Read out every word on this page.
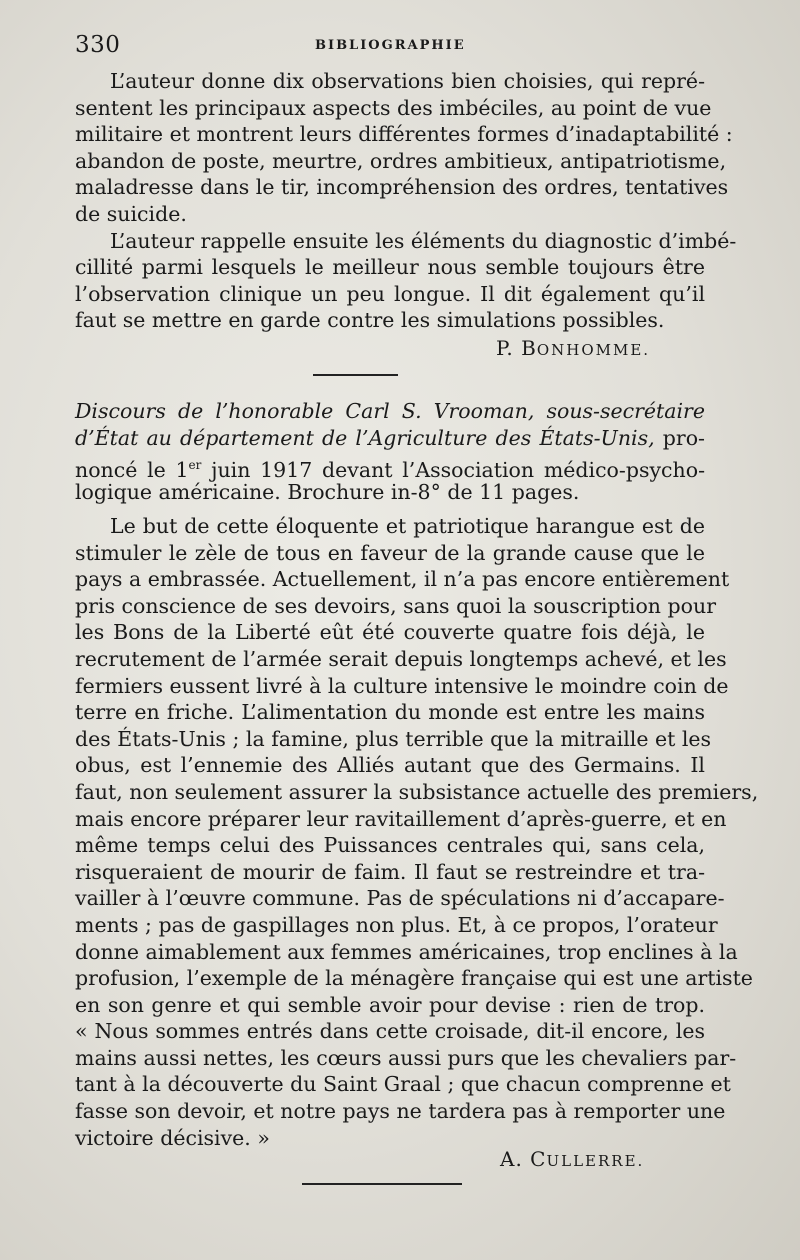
330	BIBLIOGRAPHIE
L’auteur donne dix observations bien choisies, qui repré-
sentent les principaux aspects des imbéciles, au point de vue
militaire et montrent leurs différentes formes d’inadaptabilité :
abandon de poste, meurtre, ordres ambitieux, antipatriotisme,
maladresse dans le tir, incompréhension des ordres, tentatives
de suicide.
L’auteur rappelle ensuite les éléments du diagnostic d’imbé-
cillité parmi lesquels le meilleur nous semble toujours être
l’observation clinique un peu longue. Il dit également qu’il
faut se mettre en garde contre les simulations possibles.
P. BONHOMME.
Discours de l’honorable Carl S. Vrooman, sous-secrétaire
d’État au département de l’Agriculture des États-Unis, pro-
noncé le 1er juin 1917 devant l’Association médico-psycho-
logique américaine. Brochure in-8° de 11 pages.
Le but de cette éloquente et patriotique harangue est de
stimuler le zèle de tous en faveur de la grande cause que le
pays a embrassée. Actuellement, il n’a pas encore entièrement
pris conscience de ses devoirs, sans quoi la souscription pour
les Bons de la Liberté eût été couverte quatre fois déjà, le
recrutement de l’armée serait depuis longtemps achevé, et les
fermiers eussent livré à la culture intensive le moindre coin de
terre en friche. L’alimentation du monde est entre les mains
des États-Unis ; la famine, plus terrible que la mitraille et les
obus, est l’ennemie des Alliés autant que des Germains. Il
faut, non seulement assurer la subsistance actuelle des premiers,
mais encore préparer leur ravitaillement d’après-guerre, et en
même temps celui des Puissances centrales qui, sans cela,
risqueraient de mourir de faim. Il faut se restreindre et tra-
vailler à l’œuvre commune. Pas de spéculations ni d’accapare-
ments ; pas de gaspillages non plus. Et, à ce propos, l’orateur
donne aimablement aux femmes américaines, trop enclines à la
profusion, l’exemple de la ménagère française qui est une artiste
en son genre et qui semble avoir pour devise : rien de trop.
« Nous sommes entrés dans cette croisade, dit-il encore, les
mains aussi nettes, les cœurs aussi purs que les chevaliers par-
tant à la découverte du Saint Graal ; que chacun comprenne et
fasse son devoir, et notre pays ne tardera pas à remporter une
victoire décisive. »
A. CULLERRE.
